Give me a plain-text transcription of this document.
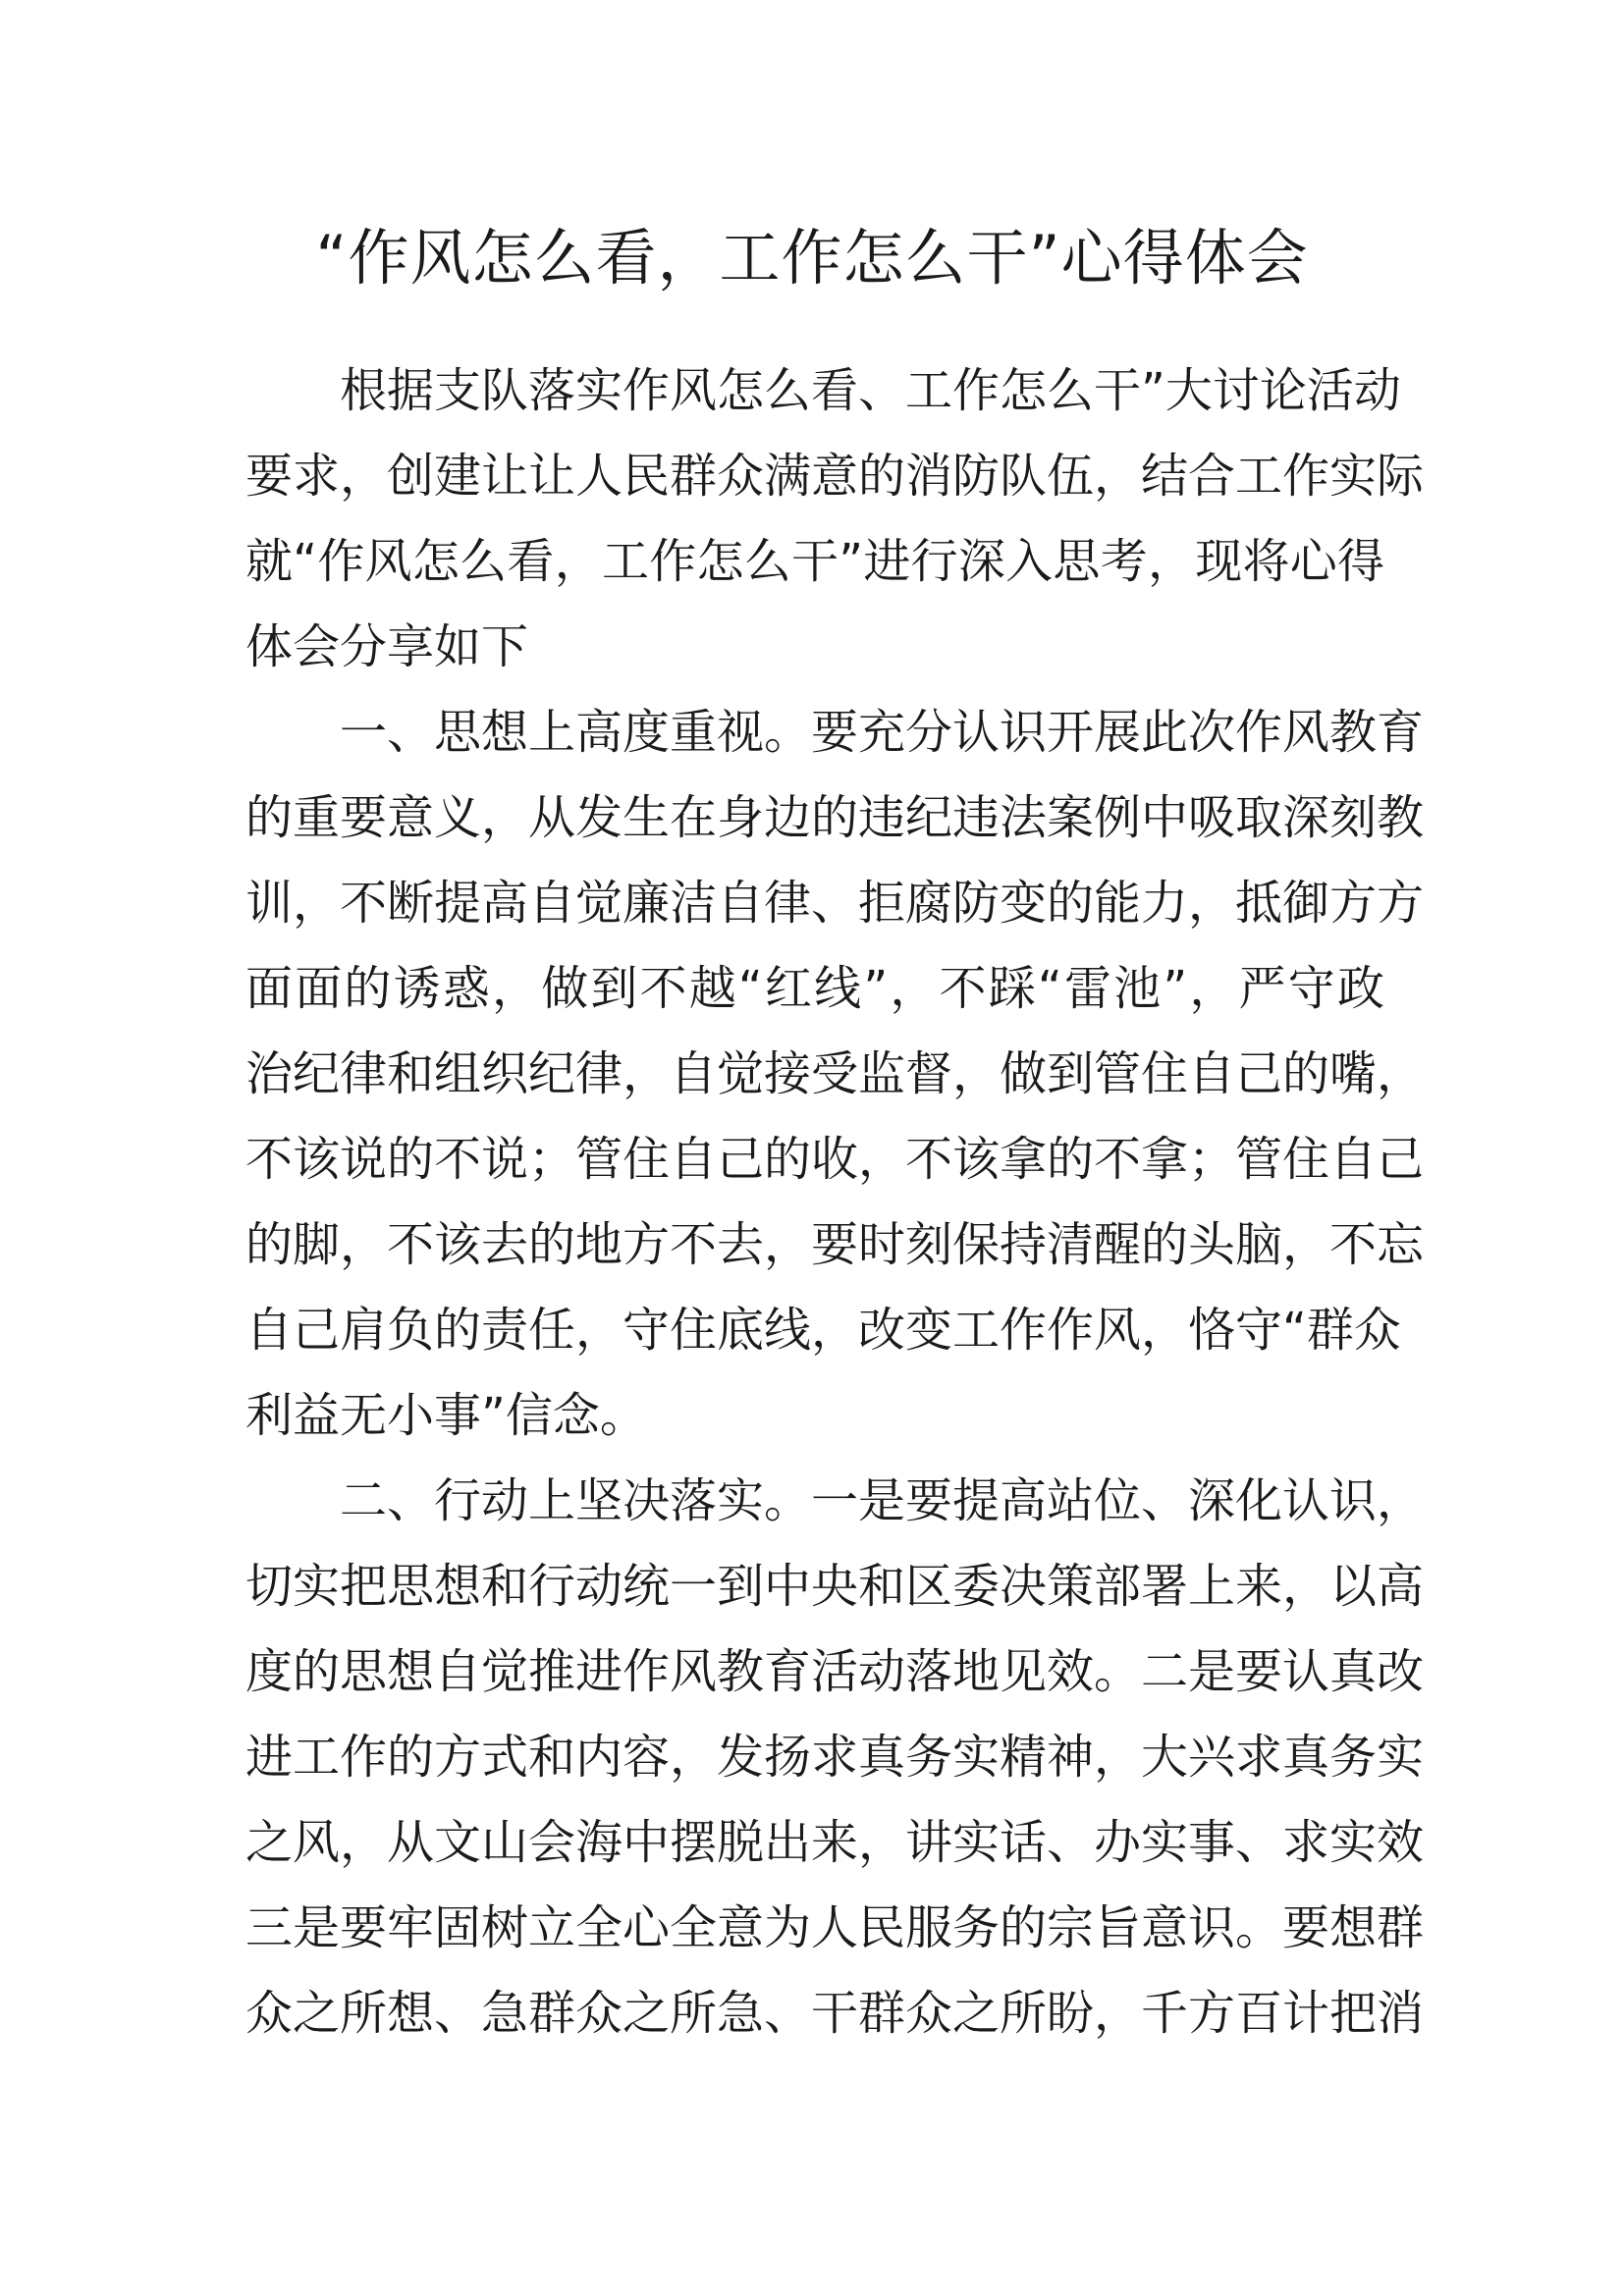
“作风怎么看，工作怎么干”心得体会

根据支队落实作风怎么看、工作怎么干”大讨论活动

要求，创建让让人民群众满意的消防队伍，结合工作实际

就“作风怎么看，工作怎么干”进行深入思考，现将心得

体会分享如下

一、思想上高度重视。要充分认识开展此次作风教育

的重要意义，从发生在身边的违纪违法案例中吸取深刻教

训，不断提高自觉廉洁自律、拒腐防变的能力，抵御方方

面面的诱惑，做到不越“红线”，不踩“雷池”，严守政

治纪律和组织纪律，自觉接受监督，做到管住自己的嘴，

不该说的不说；管住自己的收，不该拿的不拿；管住自己

的脚，不该去的地方不去，要时刻保持清醒的头脑，不忘

自己肩负的责任，守住底线，改变工作作风，恪守“群众

利益无小事”信念。

二、行动上坚决落实。一是要提高站位、深化认识，

切实把思想和行动统一到中央和区委决策部署上来，以高

度的思想自觉推进作风教育活动落地见效。二是要认真改

进工作的方式和内容，发扬求真务实精神，大兴求真务实

之风，从文山会海中摆脱出来，讲实话、办实事、求实效

三是要牢固树立全心全意为人民服务的宗旨意识。要想群

众之所想、急群众之所急、干群众之所盼，千方百计把消
